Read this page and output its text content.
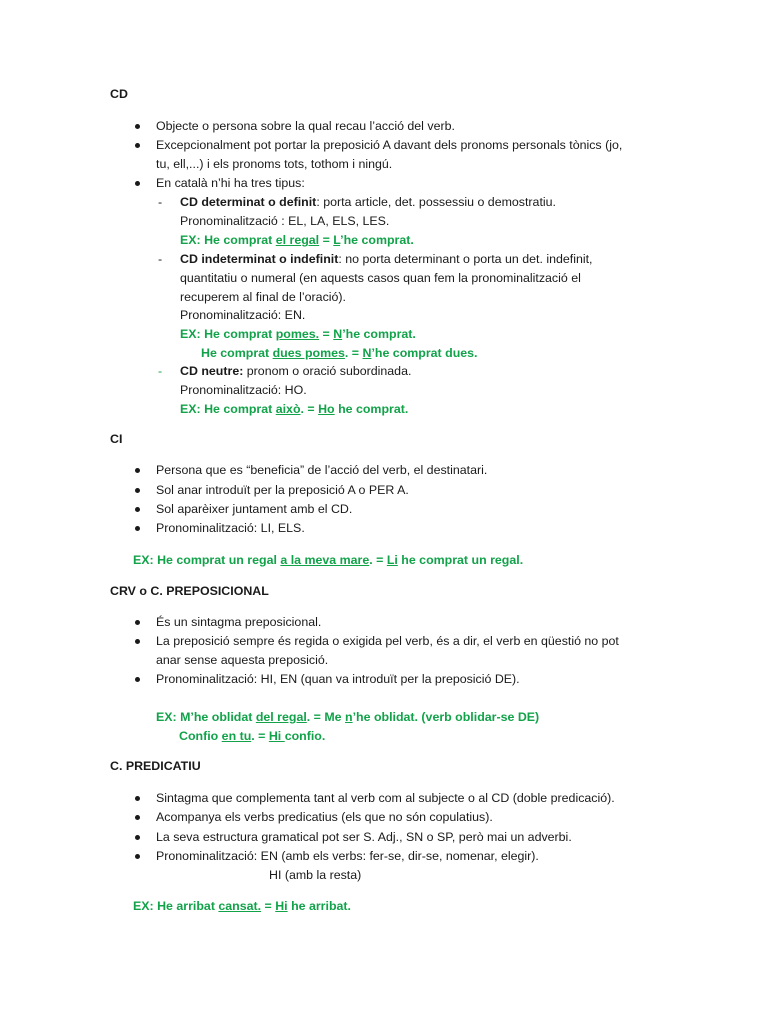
CD
Objecte o persona sobre la qual recau l’acció del verb.
Excepcionalment pot portar la preposició A davant dels pronoms personals tònics (jo,
tu, ell,...) i els pronoms tots, tothom i ningú.
En català n’hi ha tres tipus:
- CD determinat o definit: porta article, det. possessiu o demostratiu.
Pronominalització : EL, LA, ELS, LES.
EX: He comprat el regal = L’he comprat.
- CD indeterminat o indefinit: no porta determinant o porta un det. indefinit,
quantitatiu o numeral (en aquests casos quan fem la pronominalització el
recuperem al final de l’oració).
Pronominalització: EN.
EX: He comprat pomes. = N’he comprat.
He comprat dues pomes. = N’he comprat dues.
- CD neutre: pronom o oració subordinada.
Pronominalització: HO.
EX: He comprat això. = Ho he comprat.
CI
Persona que es “beneficia” de l’acció del verb, el destinatari.
Sol anar introduït per la preposició A o PER A.
Sol aparèixer juntament amb el CD.
Pronominalització: LI, ELS.
EX: He comprat un regal a la meva mare. = Li he comprat un regal.
CRV o C. PREPOSICIONAL
És un sintagma preposicional.
La preposició sempre és regida o exigida pel verb, és a dir, el verb en qüestió no pot
anar sense aquesta preposició.
Pronominalització: HI, EN (quan va introduït per la preposició DE).
EX: M’he oblidat del regal. = Me n’he oblidat. (verb oblidar-se DE)
Confio en tu. = Hi confio.
C. PREDICATIU
Sintagma que complementa tant al verb com al subjecte o al CD (doble predicació).
Acompanya els verbs predicatius (els que no són copulatius).
La seva estructura gramatical pot ser S. Adj., SN o SP, però mai un adverbi.
Pronominalització: EN (amb els verbs: fer-se, dir-se, nomenar, elegir).
HI (amb la resta)
EX: He arribat cansat. = Hi he arribat.
